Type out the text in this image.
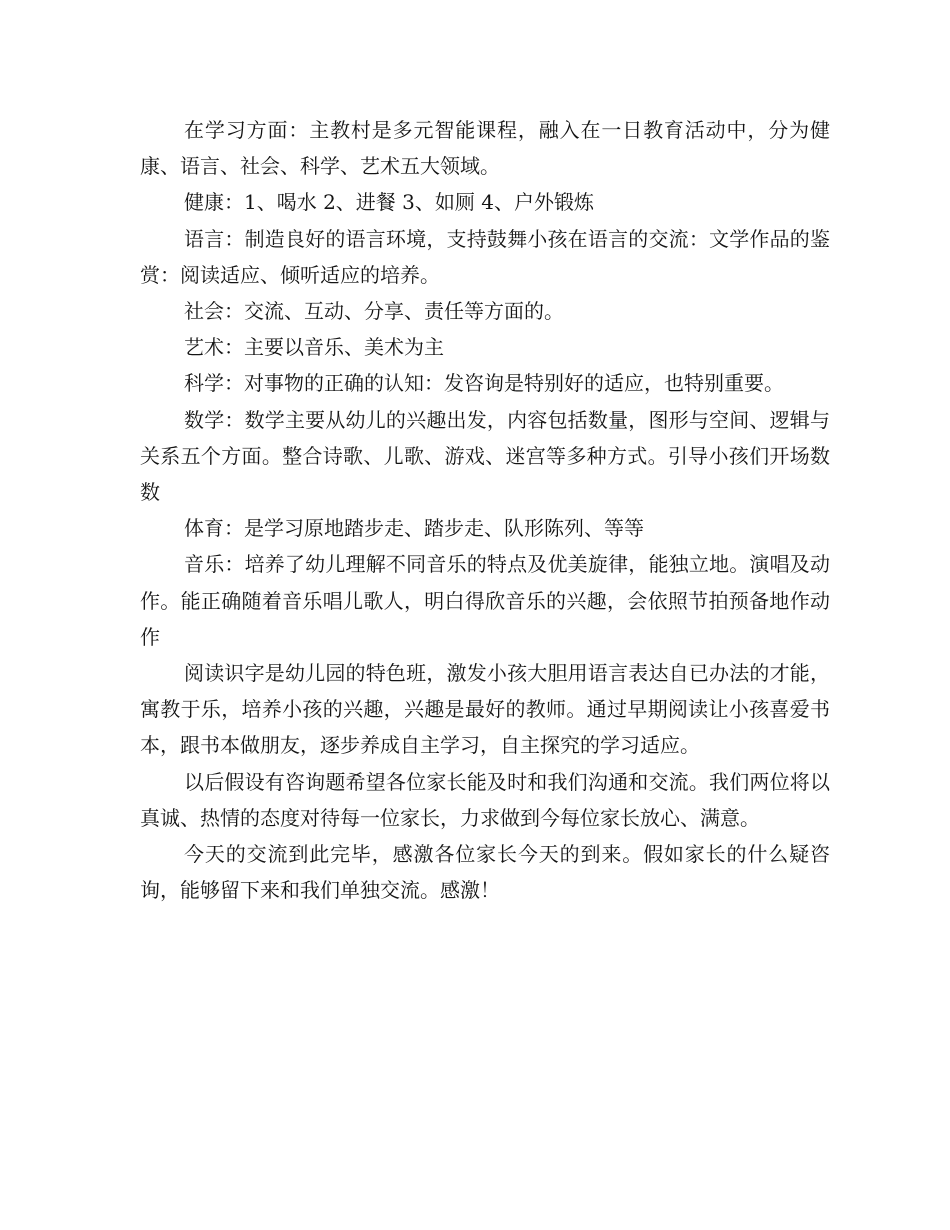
在学习方面：主教村是多元智能课程，融入在一日教育活动中，分为健康、语言、社会、科学、艺术五大领域。

健康：1、喝水 2、进餐 3、如厕 4、户外锻炼

语言：制造良好的语言环境，支持鼓舞小孩在语言的交流：文学作品的鉴赏：阅读适应、倾听适应的培养。

社会：交流、互动、分享、责任等方面的。

艺术：主要以音乐、美术为主

科学：对事物的正确的认知：发咨询是特别好的适应，也特别重要。

数学：数学主要从幼儿的兴趣出发，内容包括数量，图形与空间、逻辑与关系五个方面。整合诗歌、儿歌、游戏、迷宫等多种方式。引导小孩们开场数数

体育：是学习原地踏步走、踏步走、队形陈列、等等

音乐：培养了幼儿理解不同音乐的特点及优美旋律，能独立地。演唱及动作。能正确随着音乐唱儿歌人，明白得欣音乐的兴趣，会依照节拍预备地作动作

阅读识字是幼儿园的特色班，激发小孩大胆用语言表达自已办法的才能，寓教于乐，培养小孩的兴趣，兴趣是最好的教师。通过早期阅读让小孩喜爱书本，跟书本做朋友，逐步养成自主学习，自主探究的学习适应。

以后假设有咨询题希望各位家长能及时和我们沟通和交流。我们两位将以真诚、热情的态度对待每一位家长，力求做到今每位家长放心、满意。

今天的交流到此完毕，感激各位家长今天的到来。假如家长的什么疑咨询，能够留下来和我们单独交流。感激！
